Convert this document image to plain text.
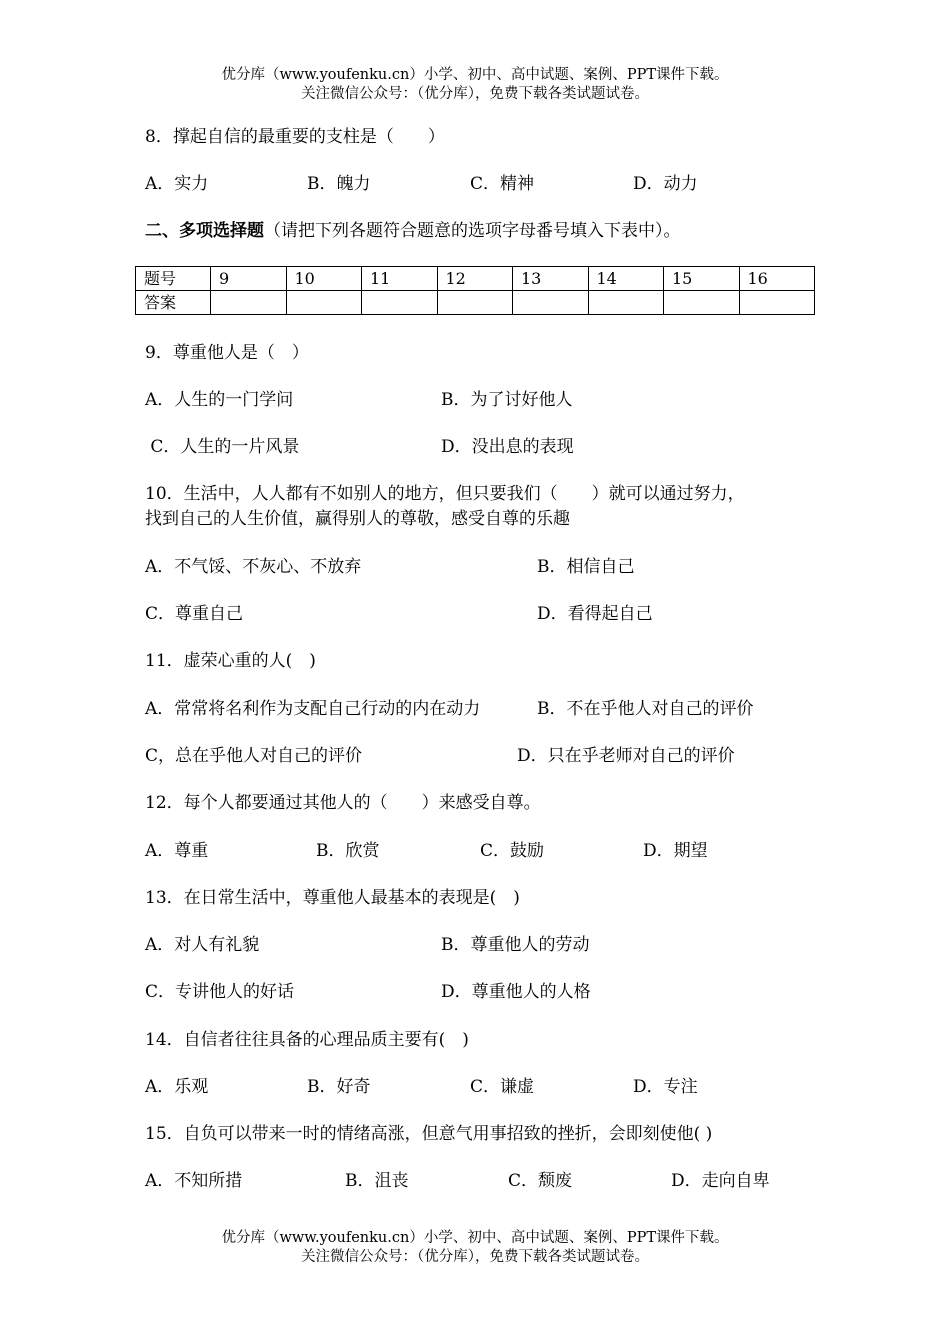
优分库（www.youfenku.cn）小学、初中、高中试题、案例、PPT课件下载。
关注微信公众号：（优分库），免费下载各类试题试卷。
8．撑起自信的最重要的支柱是（　　）
A．实力	B．魄力	C．精神	D．动力
二、多项选择题（请把下列各题符合题意的选项字母番号填入下表中）。
题号	9	10	11	12	13	14	15	16
答案								
9．尊重他人是（　）
A．人生的一门学问	B．为了讨好他人
C．人生的一片风景	D．没出息的表现
10．生活中，人人都有不如别人的地方，但只要我们（　　）就可以通过努力，
找到自己的人生价值，赢得别人的尊敬，感受自尊的乐趣
A．不气馁、不灰心、不放弃	B．相信自己
C．尊重自己	D．看得起自己
11．虚荣心重的人(　)
A．常常将名利作为支配自己行动的内在动力	B．不在乎他人对自己的评价
C，总在乎他人对自己的评价	D．只在乎老师对自己的评价
12．每个人都要通过其他人的（　　）来感受自尊。
A．尊重	B．欣赏	C．鼓励	D．期望
13．在日常生活中，尊重他人最基本的表现是(　)
A．对人有礼貌	B．尊重他人的劳动
C．专讲他人的好话	D．尊重他人的人格
14．自信者往往具备的心理品质主要有(　)
A．乐观	B．好奇	C．谦虚	D．专注
15．自负可以带来一时的情绪高涨，但意气用事招致的挫折，会即刻使他( )
A．不知所措	B．沮丧	C．颓废	D．走向自卑
优分库（www.youfenku.cn）小学、初中、高中试题、案例、PPT课件下载。
关注微信公众号：（优分库），免费下载各类试题试卷。
